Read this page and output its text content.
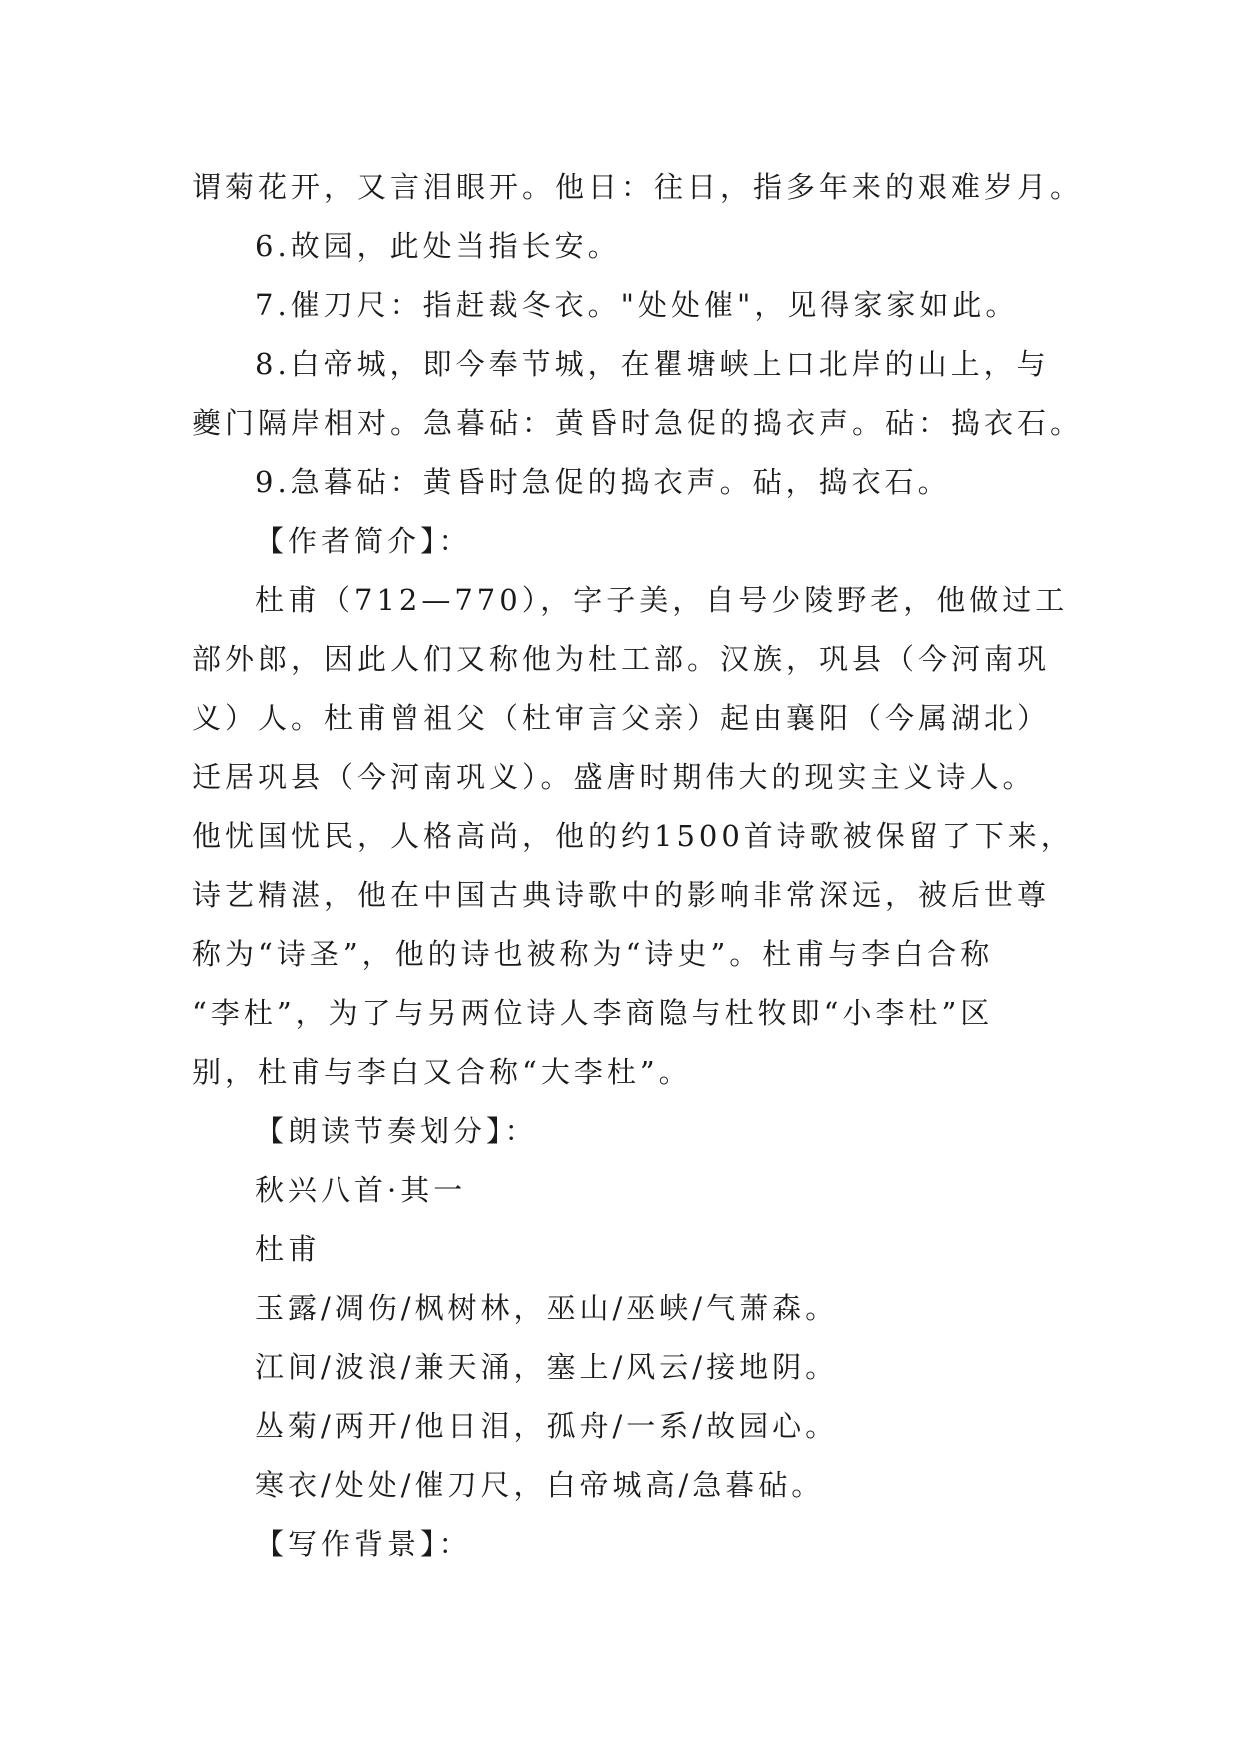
谓菊花开，又言泪眼开。他日：往日，指多年来的艰难岁月。

6.故园，此处当指长安。

7.催刀尺：指赶裁冬衣。"处处催"，见得家家如此。

8.白帝城，即今奉节城，在瞿塘峡上口北岸的山上，与

夔门隔岸相对。急暮砧：黄昏时急促的捣衣声。砧：捣衣石。

9.急暮砧：黄昏时急促的捣衣声。砧，捣衣石。

【作者简介】：

杜甫（712—770），字子美，自号少陵野老，他做过工

部外郎，因此人们又称他为杜工部。汉族，巩县（今河南巩

义）人。杜甫曾祖父（杜审言父亲）起由襄阳（今属湖北）

迁居巩县（今河南巩义）。盛唐时期伟大的现实主义诗人。

他忧国忧民，人格高尚，他的约1500首诗歌被保留了下来，

诗艺精湛，他在中国古典诗歌中的影响非常深远，被后世尊

称为“诗圣”，他的诗也被称为“诗史”。杜甫与李白合称

“李杜”，为了与另两位诗人李商隐与杜牧即“小李杜”区

别，杜甫与李白又合称“大李杜”。

【朗读节奏划分】：

秋兴八首·其一

杜甫

玉露/凋伤/枫树林，巫山/巫峡/气萧森。

江间/波浪/兼天涌，塞上/风云/接地阴。

丛菊/两开/他日泪，孤舟/一系/故园心。

寒衣/处处/催刀尺，白帝城高/急暮砧。

【写作背景】：
